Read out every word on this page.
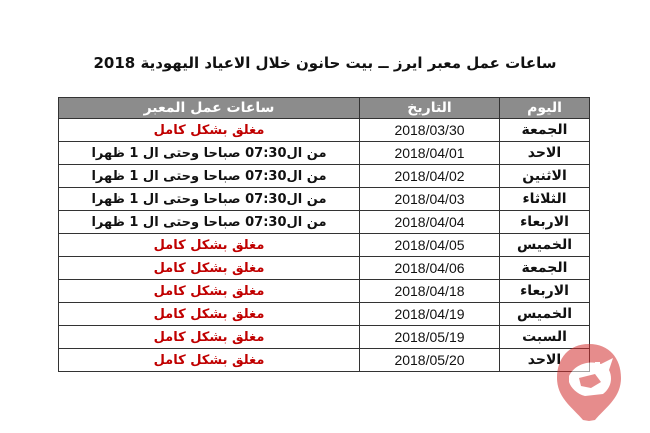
ساعات عمل معبر ايرز ــ بيت حانون خلال الاعياد اليهودية 2018
اليوم	التاريخ	ساعات عمل المعبر
الجمعة	2018/03/30	مغلق بشكل كامل
الاحد	2018/04/01	من ال07:30 صباحا وحتى ال 1 ظهرا
الاثنين	2018/04/02	من ال07:30 صباحا وحتى ال 1 ظهرا
الثلاثاء	2018/04/03	من ال07:30 صباحا وحتى ال 1 ظهرا
الاربعاء	2018/04/04	من ال07:30 صباحا وحتى ال 1 ظهرا
الخميس	2018/04/05	مغلق بشكل كامل
الجمعة	2018/04/06	مغلق بشكل كامل
الاربعاء	2018/04/18	مغلق بشكل كامل
الخميس	2018/04/19	مغلق بشكل كامل
السبت	2018/05/19	مغلق بشكل كامل
الاحد	2018/05/20	مغلق بشكل كامل
